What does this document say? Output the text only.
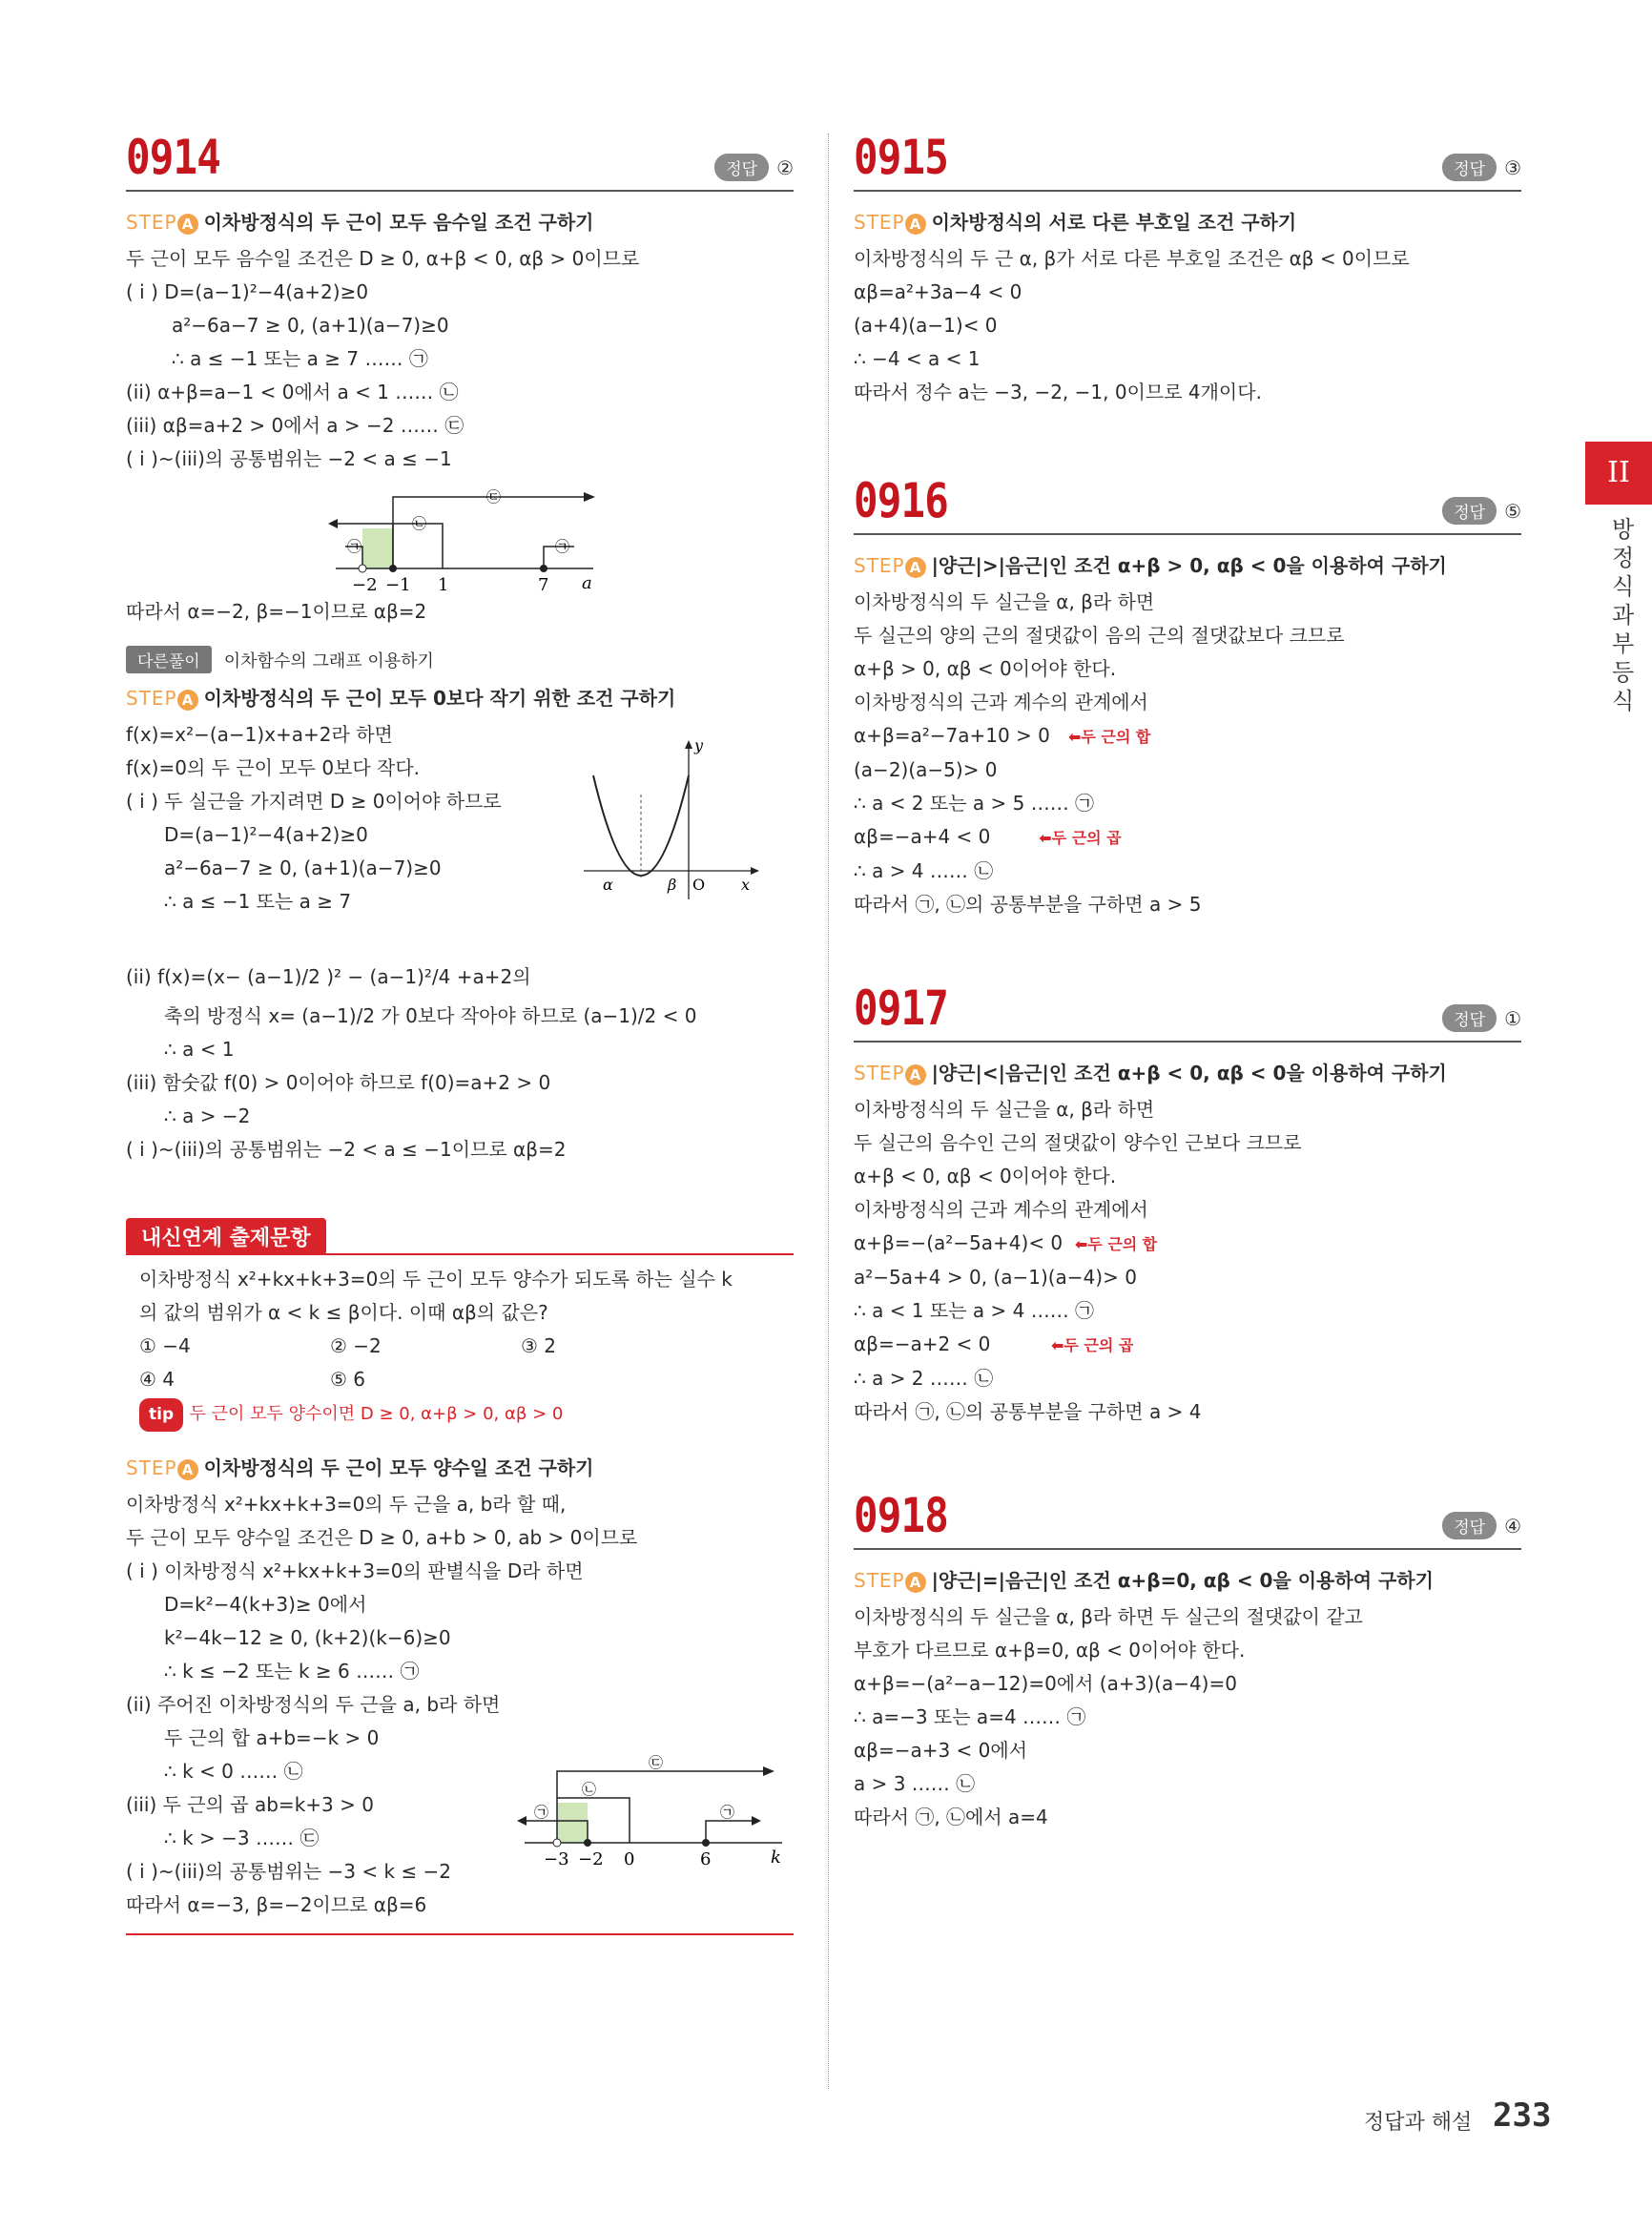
0914	정답	②
STEP A 이차방정식의 두 근이 모두 음수일 조건 구하기
두 근이 모두 음수일 조건은 D ≥ 0, α+β < 0, αβ > 0이므로
( i ) D=(a−1)²−4(a+2)≥0
a²−6a−7 ≥ 0, (a+1)(a−7)≥0
∴ a ≤ −1 또는 a ≥ 7 …… ㉠
(ii) α+β=a−1 < 0에서 a < 1 …… ㉡
(iii) αβ=a+2 > 0에서 a > −2 …… ㉢
( i )~(iii)의 공통범위는 −2 < a ≤ −1
−2 −1 1	7 a
㉠
㉡
㉢
㉠
따라서 α=−2, β=−1이므로 αβ=2
다른풀이 이차함수의 그래프 이용하기
STEP A 이차방정식의 두 근이 모두 0보다 작기 위한 조건 구하기
f(x)=x²−(a−1)x+a+2라 하면
f(x)=0의 두 근이 모두 0보다 작다.
( i ) 두 실근을 가지려면 D ≥ 0이어야 하므로
D=(a−1)²−4(a+2)≥0
a²−6a−7 ≥ 0, (a+1)(a−7)≥0
∴ a ≤ −1 또는 a ≥ 7
y
x
α	β O
(ii) f(x)=(x− (a−1)/2 )² − (a−1)²/4 +a+2의
축의 방정식 x= (a−1)/2 가 0보다 작아야 하므로 (a−1)/2 < 0
∴ a < 1
(iii) 함숫값 f(0) > 0이어야 하므로 f(0)=a+2 > 0
∴ a > −2
( i )~(iii)의 공통범위는 −2 < a ≤ −1이므로 αβ=2
내신연계 출제문항
이차방정식 x²+kx+k+3=0의 두 근이 모두 양수가 되도록 하는 실수 k
의 값의 범위가 α < k ≤ β이다. 이때 αβ의 값은?
① −4	② −2	③ 2
④ 4	⑤ 6
tip 두 근이 모두 양수이면 D ≥ 0, α+β > 0, αβ > 0
STEP A 이차방정식의 두 근이 모두 양수일 조건 구하기
이차방정식 x²+kx+k+3=0의 두 근을 a, b라 할 때,
두 근이 모두 양수일 조건은 D ≥ 0, a+b > 0, ab > 0이므로
( i ) 이차방정식 x²+kx+k+3=0의 판별식을 D라 하면
D=k²−4(k+3)≥ 0에서
k²−4k−12 ≥ 0, (k+2)(k−6)≥0
∴ k ≤ −2 또는 k ≥ 6 …… ㉠
(ii) 주어진 이차방정식의 두 근을 a, b라 하면
두 근의 합 a+b=−k > 0
∴ k < 0 …… ㉡
(iii) 두 근의 곱 ab=k+3 > 0
∴ k > −3 …… ㉢
( i )~(iii)의 공통범위는 −3 < k ≤ −2
따라서 α=−3, β=−2이므로 αβ=6
−3 −2 0	6	k
㉠
㉡
㉢
㉠
0915	정답	③
STEP A 이차방정식의 서로 다른 부호일 조건 구하기
이차방정식의 두 근 α, β가 서로 다른 부호일 조건은 αβ < 0이므로
αβ=a²+3a−4 < 0
(a+4)(a−1)< 0
∴ −4 < a < 1
따라서 정수 a는 −3, −2, −1, 0이므로 4개이다.
0916	정답	⑤
STEP A |양근|>|음근|인 조건 α+β > 0, αβ < 0을 이용하여 구하기
이차방정식의 두 실근을 α, β라 하면
두 실근의 양의 근의 절댓값이 음의 근의 절댓값보다 크므로
α+β > 0, αβ < 0이어야 한다.
이차방정식의 근과 계수의 관계에서
α+β=a²−7a+10 > 0 ⬅두 근의 합
(a−2)(a−5)> 0
∴ a < 2 또는 a > 5 …… ㉠
αβ=−a+4 < 0	⬅두 근의 곱
∴ a > 4 …… ㉡
따라서 ㉠, ㉡의 공통부분을 구하면 a > 5
0917	정답	①
STEP A |양근|<|음근|인 조건 α+β < 0, αβ < 0을 이용하여 구하기
이차방정식의 두 실근을 α, β라 하면
두 실근의 음수인 근의 절댓값이 양수인 근보다 크므로
α+β < 0, αβ < 0이어야 한다.
이차방정식의 근과 계수의 관계에서
α+β=−(a²−5a+4)< 0 ⬅두 근의 합
a²−5a+4 > 0, (a−1)(a−4)> 0
∴ a < 1 또는 a > 4 …… ㉠
αβ=−a+2 < 0	⬅두 근의 곱
∴ a > 2 …… ㉡
따라서 ㉠, ㉡의 공통부분을 구하면 a > 4
0918	정답	④
STEP A |양근|=|음근|인 조건 α+β=0, αβ < 0을 이용하여 구하기
이차방정식의 두 실근을 α, β라 하면 두 실근의 절댓값이 같고
부호가 다르므로 α+β=0, αβ < 0이어야 한다.
α+β=−(a²−a−12)=0에서 (a+3)(a−4)=0
∴ a=−3 또는 a=4 …… ㉠
αβ=−a+3 < 0에서
a > 3 …… ㉡
따라서 ㉠, ㉡에서 a=4
II
방정식과 부등식
정답과 해설 233
